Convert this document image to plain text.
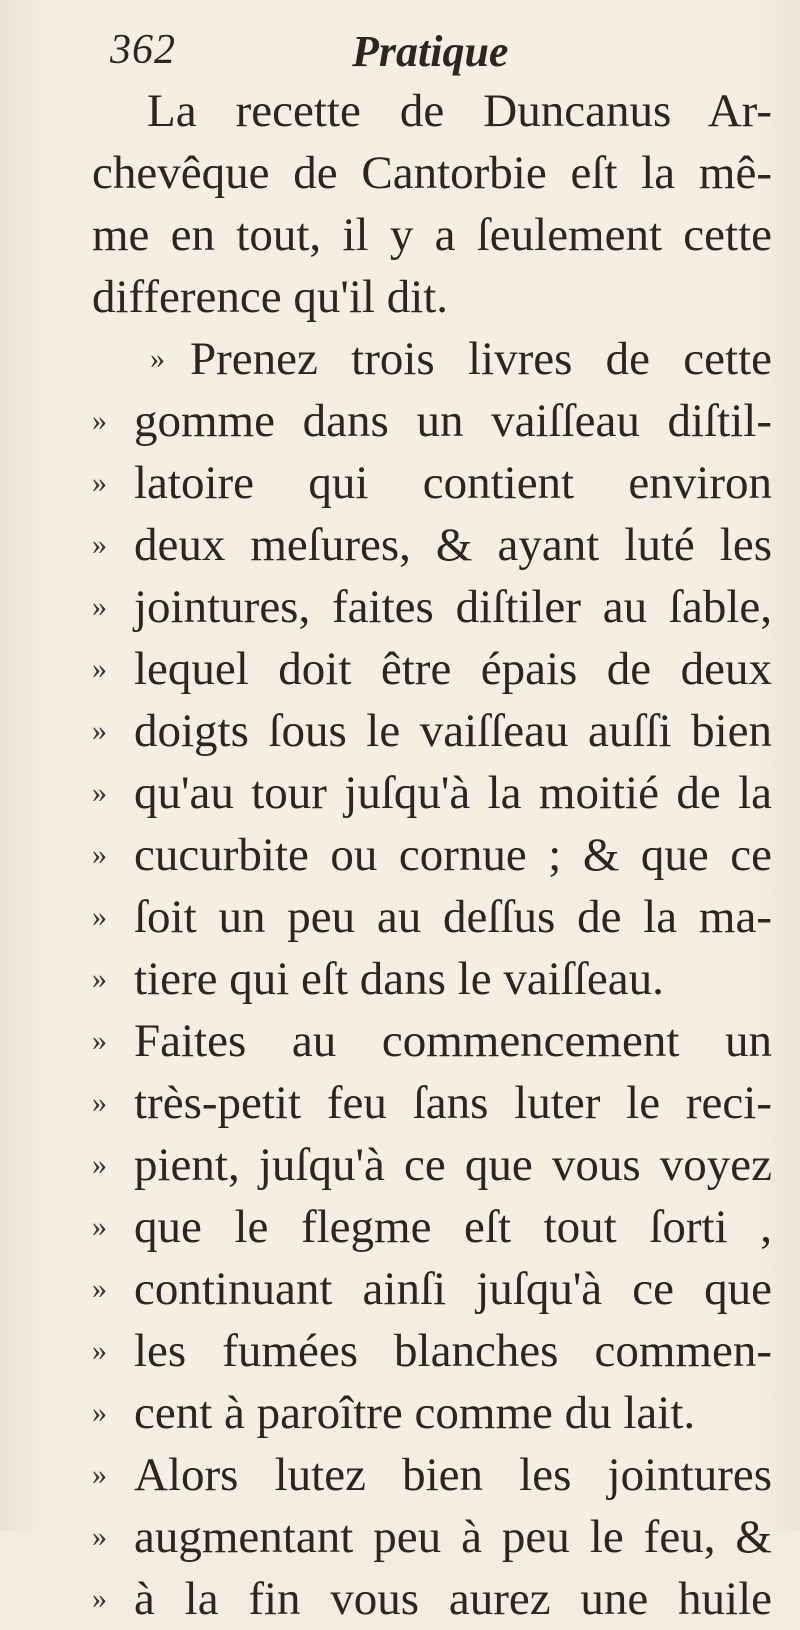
362	Pratique
La recette de Duncanus Ar-
chevêque de Cantorbie eſt la mê-
me en tout, il y a ſeulement cette
difference qu'il dit.
» Prenez trois livres de cette
» gomme dans un vaiſſeau diſtil-
» latoire qui contient environ
» deux meſures, & ayant luté les
» jointures, faites diſtiler au ſable,
» lequel doit être épais de deux
» doigts ſous le vaiſſeau auſſi bien
» qu'au tour juſqu'à la moitié de la
» cucurbite ou cornue ; & que ce
» ſoit un peu au deſſus de la ma-
» tiere qui eſt dans le vaiſſeau.
» Faites au commencement un
» très-petit feu ſans luter le reci-
» pient, juſqu'à ce que vous voyez
» que le flegme eſt tout ſorti ,
» continuant ainſi juſqu'à ce que
» les fumées blanches commen-
» cent à paroître comme du lait.
» Alors lutez bien les jointures
» augmentant peu à peu le feu, &
» à la fin vous aurez une huile
